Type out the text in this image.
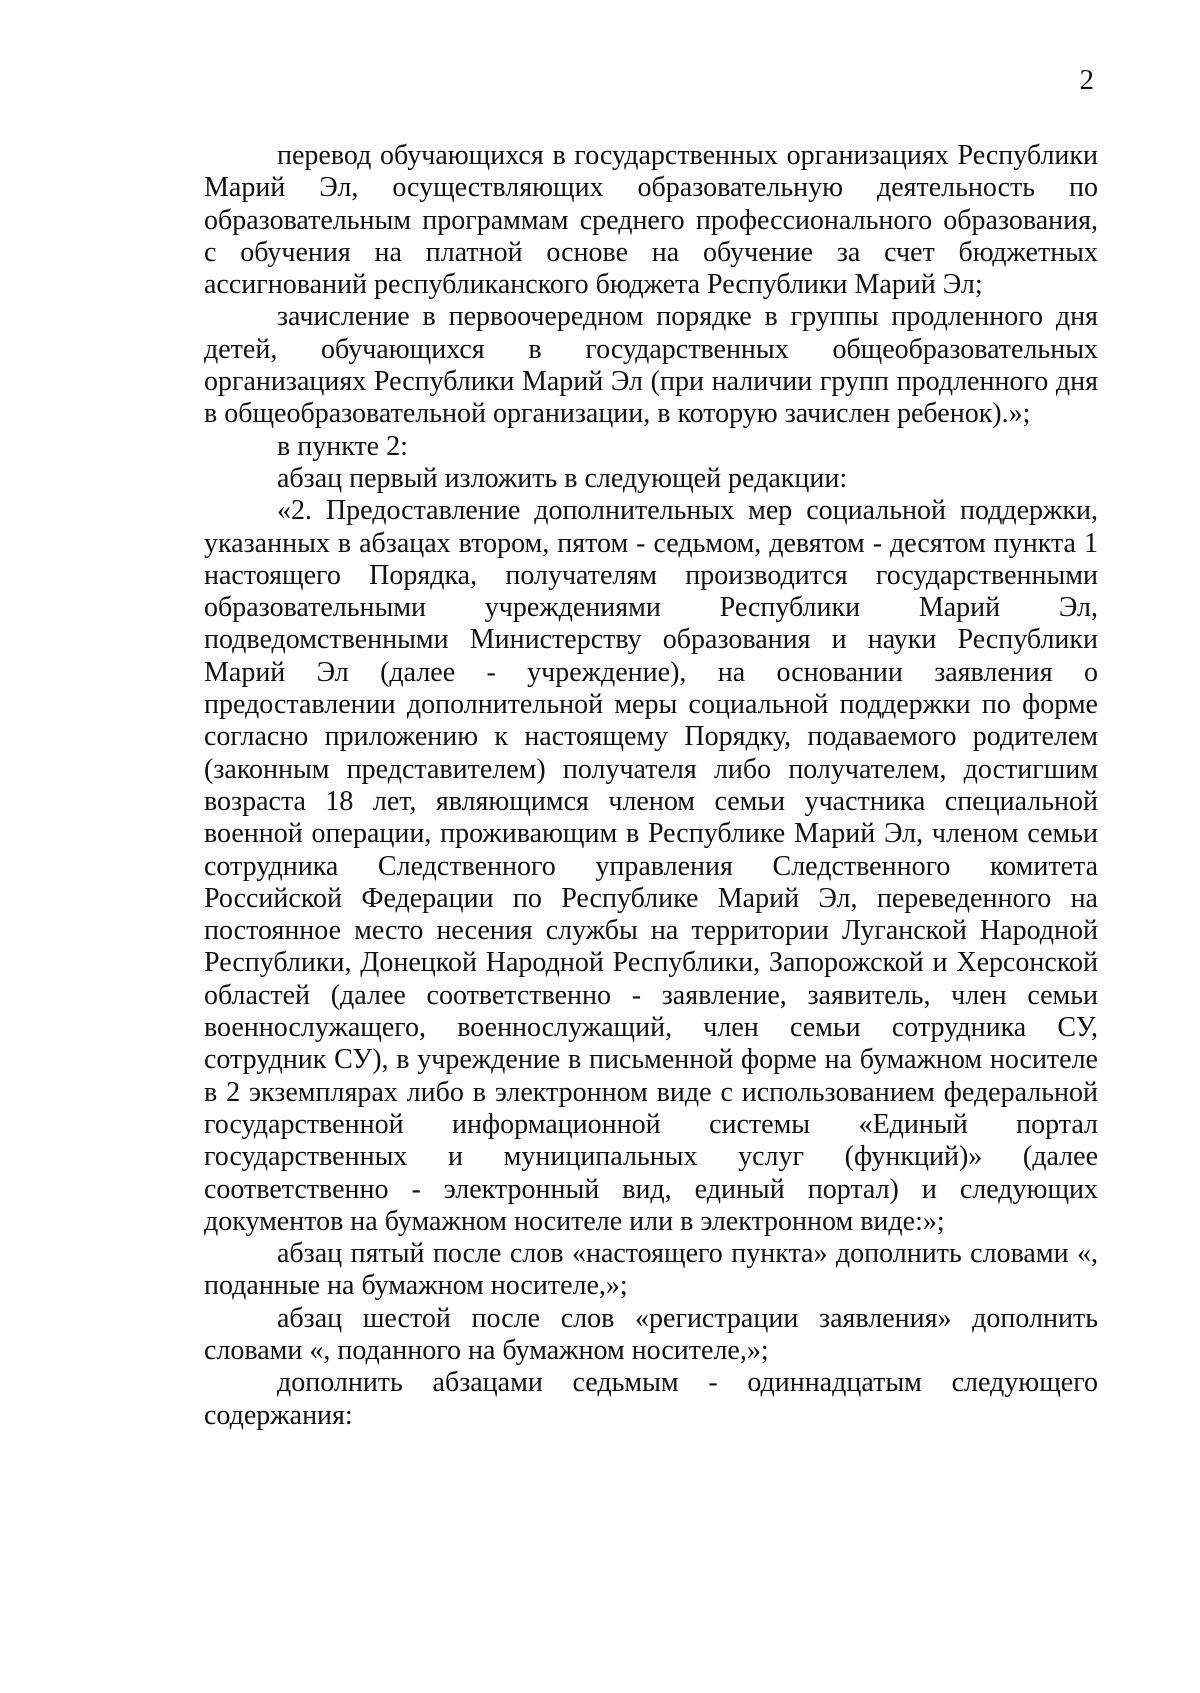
2

перевод обучающихся в государственных организациях Республики Марий Эл, осуществляющих образовательную деятельность по образовательным программам среднего профессионального образования, с обучения на платной основе на обучение за счет бюджетных ассигнований республиканского бюджета Республики Марий Эл;

зачисление в первоочередном порядке в группы продленного дня детей, обучающихся в государственных общеобразовательных организациях Республики Марий Эл (при наличии групп продленного дня в общеобразовательной организации, в которую зачислен ребенок).»;

в пункте 2:

абзац первый изложить в следующей редакции:

«2. Предоставление дополнительных мер социальной поддержки, указанных в абзацах втором, пятом - седьмом, девятом - десятом пункта 1 настоящего Порядка, получателям производится государственными образовательными учреждениями Республики Марий Эл, подведомственными Министерству образования и науки Республики Марий Эл (далее - учреждение), на основании заявления о предоставлении дополнительной меры социальной поддержки по форме согласно приложению к настоящему Порядку, подаваемого родителем (законным представителем) получателя либо получателем, достигшим возраста 18 лет, являющимся членом семьи участника специальной военной операции, проживающим в Республике Марий Эл, членом семьи сотрудника Следственного управления Следственного комитета Российской Федерации по Республике Марий Эл, переведенного на постоянное место несения службы на территории Луганской Народной Республики, Донецкой Народной Республики, Запорожской и Херсонской областей (далее соответственно - заявление, заявитель, член семьи военнослужащего, военнослужащий, член семьи сотрудника СУ, сотрудник СУ), в учреждение в письменной форме на бумажном носителе в 2 экземплярах либо в электронном виде с использованием федеральной государственной информационной системы «Единый портал государственных и муниципальных услуг (функций)» (далее соответственно - электронный вид, единый портал) и следующих документов на бумажном носителе или в электронном виде:»;

абзац пятый после слов «настоящего пункта» дополнить словами «, поданные на бумажном носителе,»;

абзац шестой после слов «регистрации заявления» дополнить словами «, поданного на бумажном носителе,»;

дополнить абзацами седьмым - одиннадцатым следующего содержания:
